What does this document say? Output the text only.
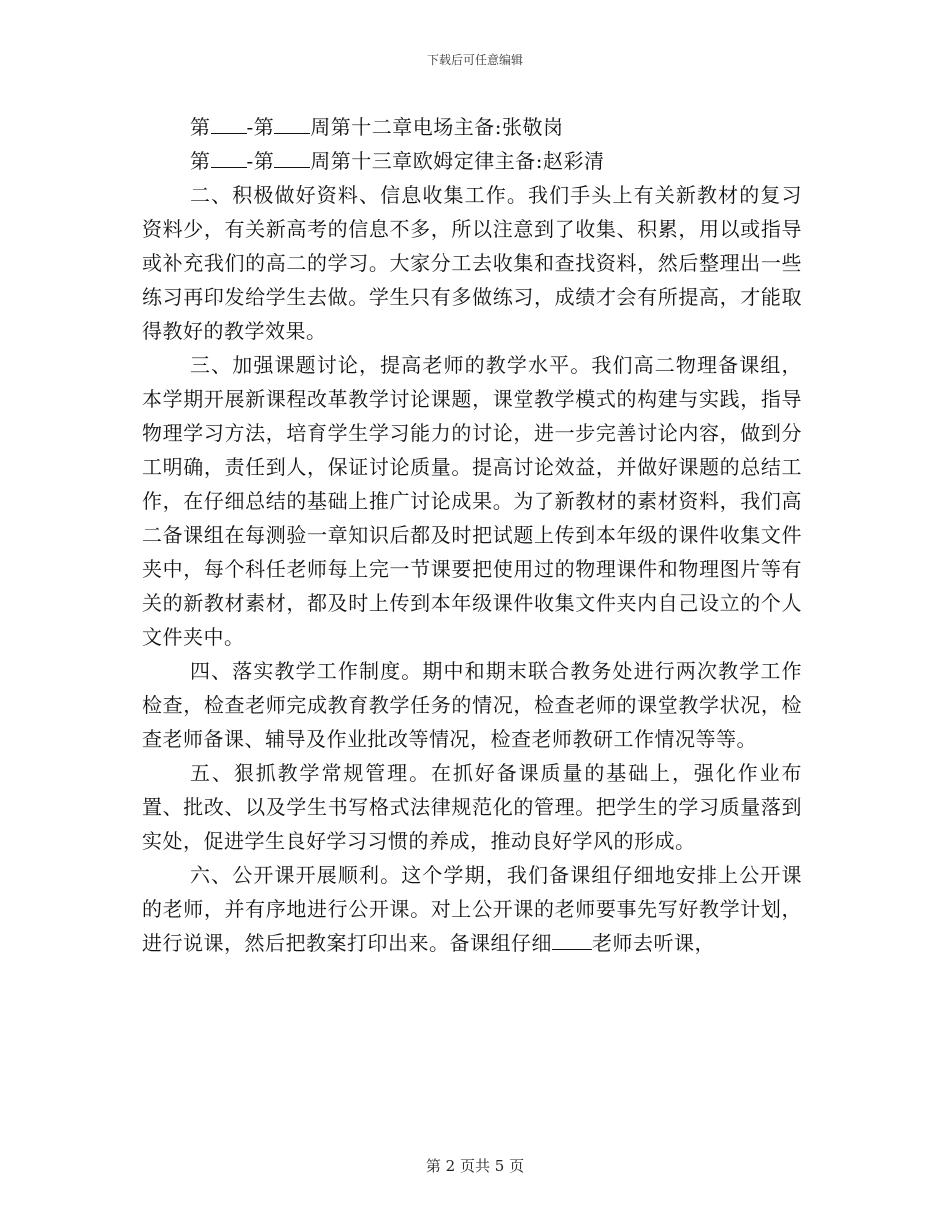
下载后可任意编辑
第 -第 周第十二章电场主备:张敬岗
第 -第 周第十三章欧姆定律主备:赵彩清

二、积极做好资料、信息收集工作。我们手头上有关新教材的复习资料少，有关新高考的信息不多，所以注意到了收集、积累，用以或指导或补充我们的高二的学习。大家分工去收集和查找资料，然后整理出一些练习再印发给学生去做。学生只有多做练习，成绩才会有所提高，才能取得教好的教学效果。

三、加强课题讨论，提高老师的教学水平。我们高二物理备课组，本学期开展新课程改革教学讨论课题，课堂教学模式的构建与实践，指导物理学习方法，培育学生学习能力的讨论，进一步完善讨论内容，做到分工明确，责任到人，保证讨论质量。提高讨论效益，并做好课题的总结工作，在仔细总结的基础上推广讨论成果。为了新教材的素材资料，我们高二备课组在每测验一章知识后都及时把试题上传到本年级的课件收集文件夹中，每个科任老师每上完一节课要把使用过的物理课件和物理图片等有关的新教材素材，都及时上传到本年级课件收集文件夹内自己设立的个人文件夹中。

四、落实教学工作制度。期中和期末联合教务处进行两次教学工作检查，检查老师完成教育教学任务的情况，检查老师的课堂教学状况，检查老师备课、辅导及作业批改等情况，检查老师教研工作情况等等。

五、狠抓教学常规管理。在抓好备课质量的基础上，强化作业布置、批改、以及学生书写格式法律规范化的管理。把学生的学习质量落到实处，促进学生良好学习习惯的养成，推动良好学风的形成。

六、公开课开展顺利。这个学期，我们备课组仔细地安排上公开课的老师，并有序地进行公开课。对上公开课的老师要事先写好教学计划，进行说课，然后把教案打印出来。备课组仔细 老师去听课，

第 2 页共 5 页
